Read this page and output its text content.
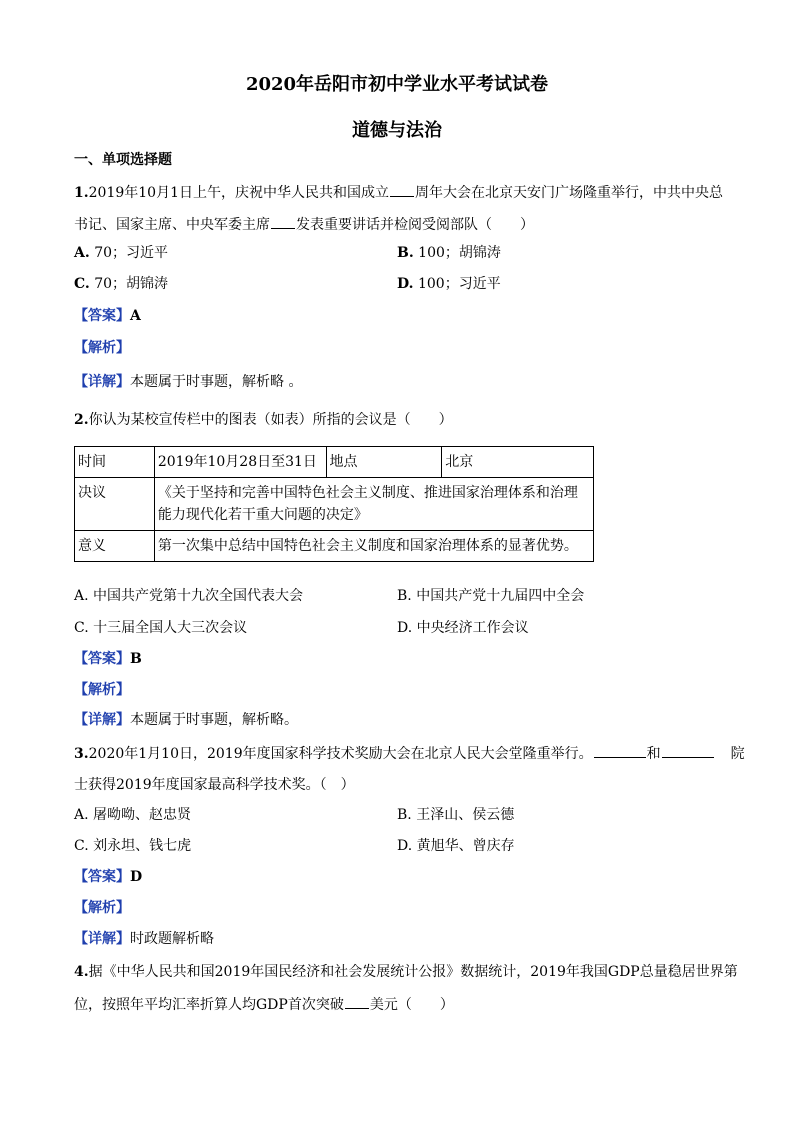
2020年岳阳市初中学业水平考试试卷
道德与法治
一、单项选择题
1.2019年10月1日上午，庆祝中华人民共和国成立 周年大会在北京天安门广场隆重举行，中共中央总
书记、国家主席、中央军委主席 发表重要讲话并检阅受阅部队（　　）
A. 70；习近平	B. 100；胡锦涛
C. 70；胡锦涛	D. 100；习近平
【答案】A
【解析】
【详解】本题属于时事题，解析略 。
2.你认为某校宣传栏中的图表（如表）所指的会议是（　　）
时间	2019年10月28日至31日	地点	北京
决议	《关于坚持和完善中国特色社会主义制度、推进国家治理体系和治理能力现代化若干重大问题的决定》		
意义	第一次集中总结中国特色社会主义制度和国家治理体系的显著优势。		
A. 中国共产党第十九次全国代表大会	B. 中国共产党十九届四中全会
C. 十三届全国人大三次会议	D. 中央经济工作会议
【答案】B
【解析】
【详解】本题属于时事题，解析略。
3.2020年1月10日，2019年度国家科学技术奖励大会在北京人民大会堂隆重举行。	和	院
士获得2019年度国家最高科学技术奖。（　）
A. 屠呦呦、赵忠贤	B. 王泽山、侯云德
C. 刘永坦、钱七虎	D. 黄旭华、曾庆存
【答案】D
【解析】
【详解】时政题解析略
4.据《中华人民共和国2019年国民经济和社会发展统计公报》数据统计，2019年我国GDP总量稳居世界第
位，按照年平均汇率折算人均GDP首次突破 美元（　　）
